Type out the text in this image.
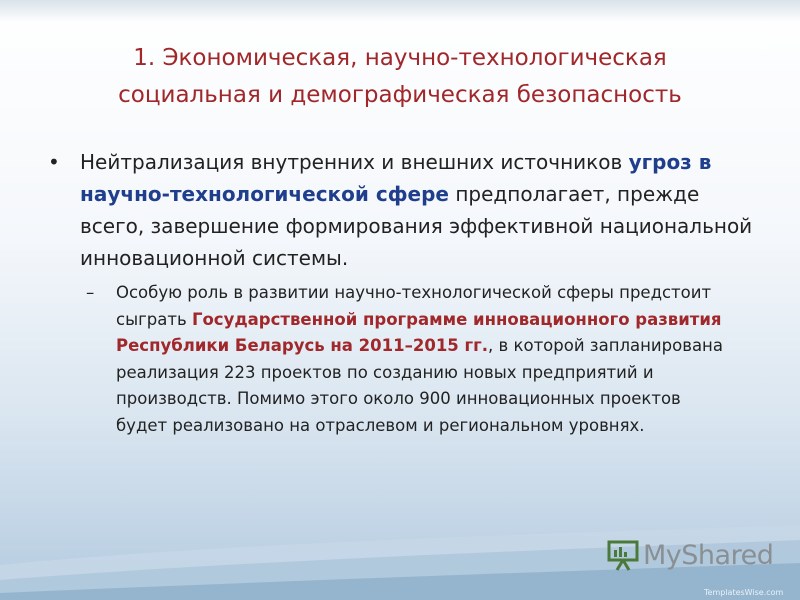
1. Экономическая, научно-технологическая
социальная и демографическая безопасность
• Нейтрализация внутренних и внешних источников угроз в научно-технологической сфере предполагает, прежде всего, завершение формирования эффективной национальной инновационной системы.
– Особую роль в развитии научно-технологической сферы предстоит сыграть Государственной программе инновационного развития Республики Беларусь на 2011–2015 гг., в которой запланирована реализация 223 проектов по созданию новых предприятий и производств. Помимо этого около 900 инновационных проектов будет реализовано на отраслевом и региональном уровнях.
MyShared
TemplatesWise.com
